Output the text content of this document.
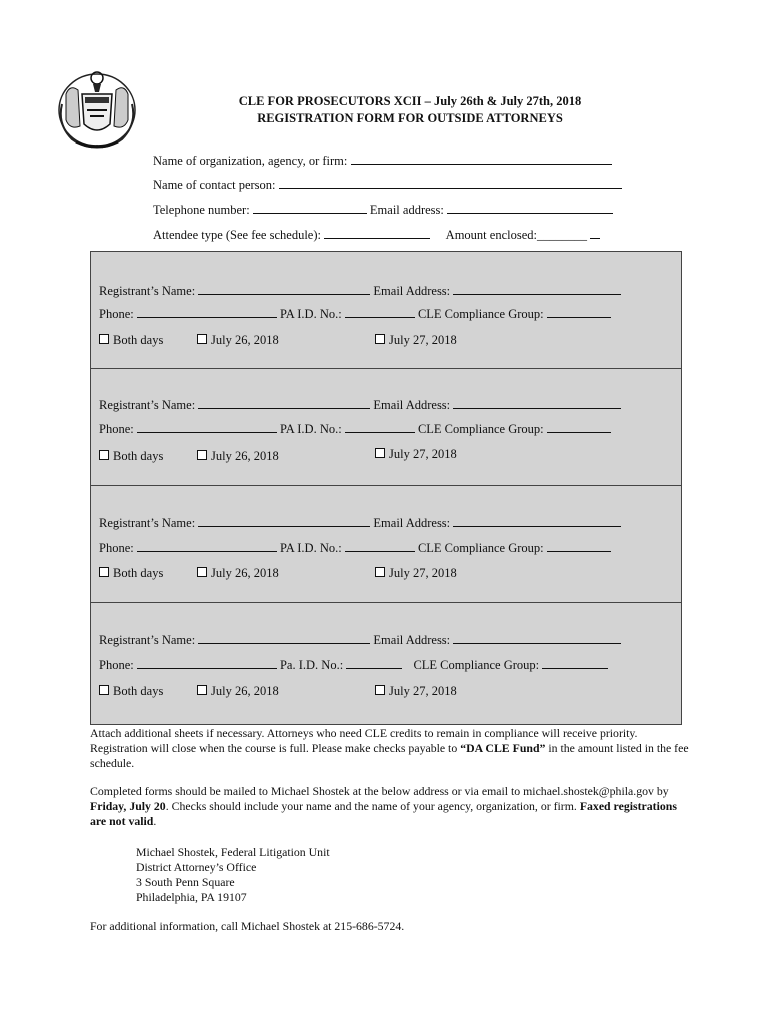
CLE FOR PROSECUTORS XCII – July 26th & July 27th, 2018
REGISTRATION FORM FOR OUTSIDE ATTORNEYS
Name of organization, agency, or firm:
Name of contact person:
Telephone number:	Email address:
Attendee type (See fee schedule):	Amount enclosed:________
Registrant’s Name:	Email Address:
Phone:	PA I.D. No.:	CLE Compliance Group:
Both days	July 26, 2018	July 27, 2018
Registrant’s Name:	Email Address:
Phone:	PA I.D. No.:	CLE Compliance Group:
Both days	July 26, 2018	July 27, 2018
Registrant’s Name:	Email Address:
Phone:	PA I.D. No.:	CLE Compliance Group:
Both days	July 26, 2018	July 27, 2018
Registrant’s Name:	Email Address:
Phone:	Pa. I.D. No.:	CLE Compliance Group:
Both days	July 26, 2018	July 27, 2018
Attach additional sheets if necessary. Attorneys who need CLE credits to remain in compliance will receive priority. Registration will close when the course is full. Please make checks payable to “DA CLE Fund” in the amount listed in the fee schedule.
Completed forms should be mailed to Michael Shostek at the below address or via email to michael.shostek@phila.gov by Friday, July 20. Checks should include your name and the name of your agency, organization, or firm. Faxed registrations are not valid.
Michael Shostek, Federal Litigation Unit
District Attorney’s Office
3 South Penn Square
Philadelphia, PA 19107
For additional information, call Michael Shostek at 215-686-5724.
